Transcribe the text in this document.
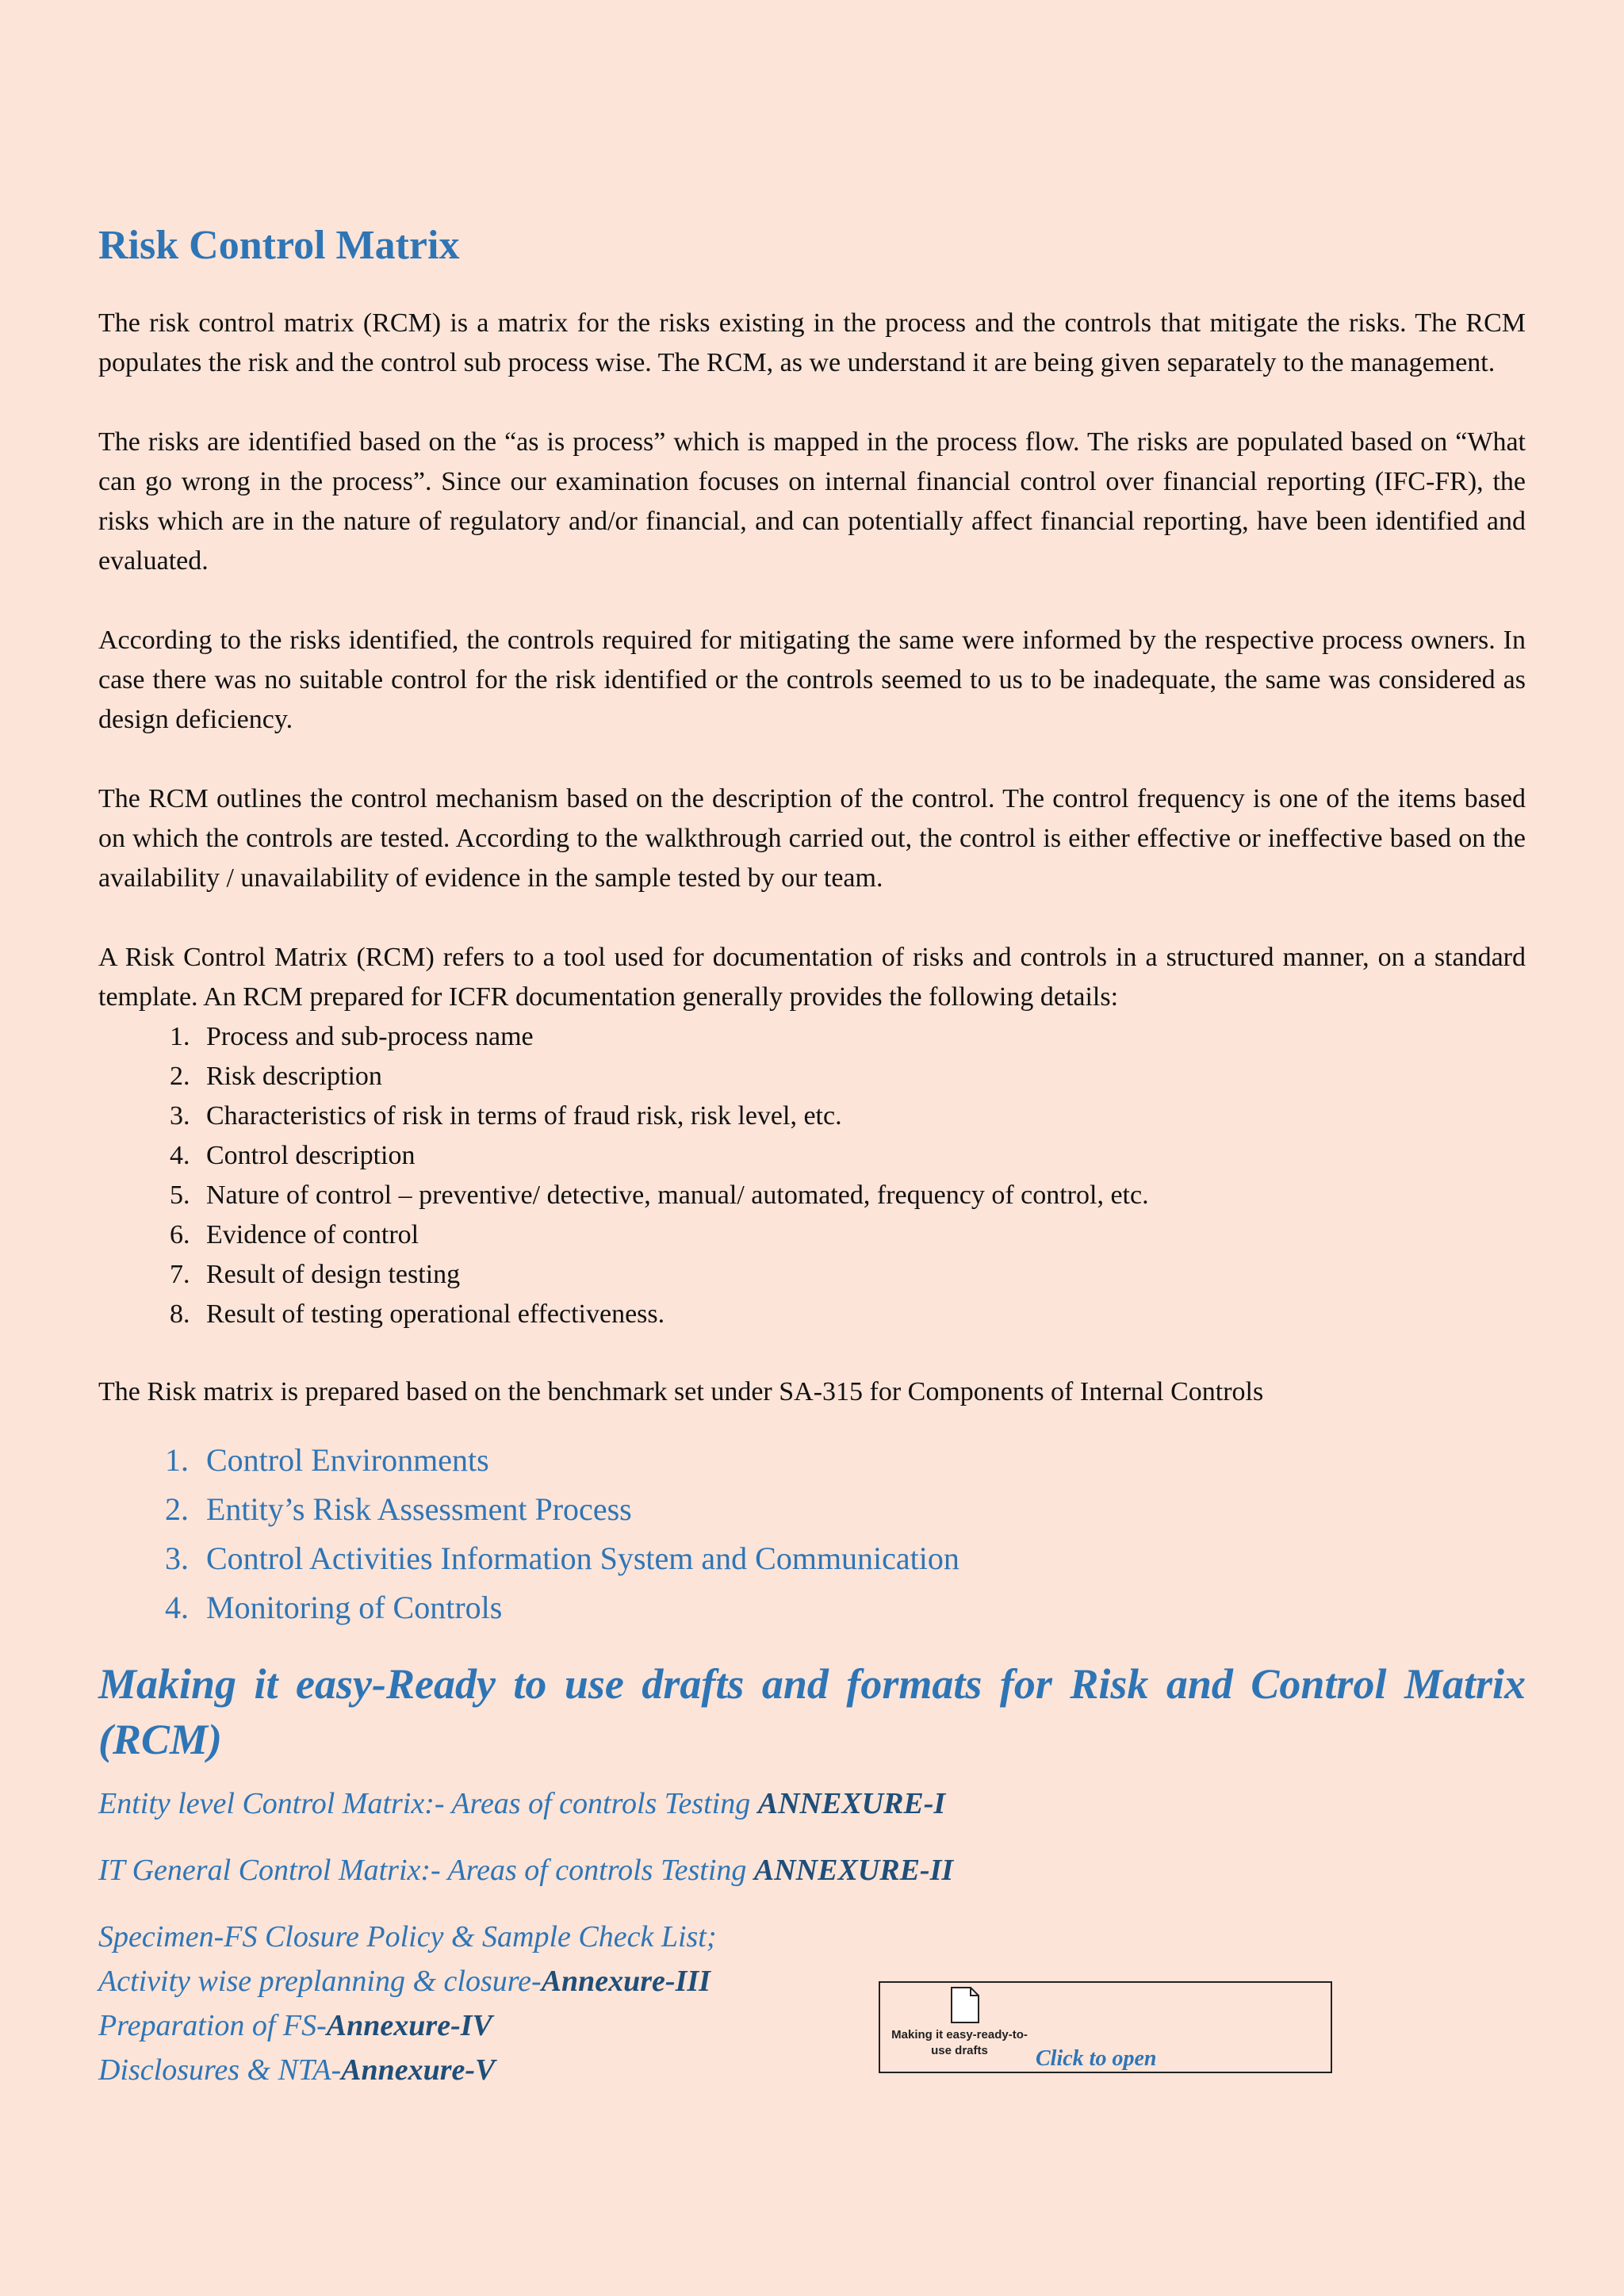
Risk Control Matrix

The risk control matrix (RCM) is a matrix for the risks existing in the process and the controls that mitigate the risks. The RCM populates the risk and the control sub process wise. The RCM, as we understand it are being given separately to the management.

The risks are identified based on the “as is process” which is mapped in the process flow. The risks are populated based on “What can go wrong in the process”. Since our examination focuses on internal financial control over financial reporting (IFC-FR), the risks which are in the nature of regulatory and/or financial, and can potentially affect financial reporting, have been identified and evaluated.

According to the risks identified, the controls required for mitigating the same were informed by the respective process owners. In case there was no suitable control for the risk identified or the controls seemed to us to be inadequate, the same was considered as design deficiency.

The RCM outlines the control mechanism based on the description of the control. The control frequency is one of the items based on which the controls are tested. According to the walkthrough carried out, the control is either effective or ineffective based on the availability / unavailability of evidence in the sample tested by our team.

A Risk Control Matrix (RCM) refers to a tool used for documentation of risks and controls in a structured manner, on a standard template. An RCM prepared for ICFR documentation generally provides the following details:

1. Process and sub-process name
2. Risk description
3. Characteristics of risk in terms of fraud risk, risk level, etc.
4. Control description
5. Nature of control – preventive/ detective, manual/ automated, frequency of control, etc.
6. Evidence of control
7. Result of design testing
8. Result of testing operational effectiveness.

The Risk matrix is prepared based on the benchmark set under SA-315 for Components of Internal Controls

1. Control Environments
2. Entity’s Risk Assessment Process
3. Control Activities Information System and Communication
4. Monitoring of Controls
Making it easy-Ready to use drafts and formats for Risk and Control Matrix (RCM)
Entity level Control Matrix:- Areas of controls Testing ANNEXURE-I
IT General Control Matrix:- Areas of controls Testing ANNEXURE-II
Specimen-FS Closure Policy & Sample Check List;
Activity wise preplanning & closure-Annexure-III
Preparation of FS-Annexure-IV
Disclosures & NTA-Annexure-V
Making it easy-ready-to-use drafts	Click to open
